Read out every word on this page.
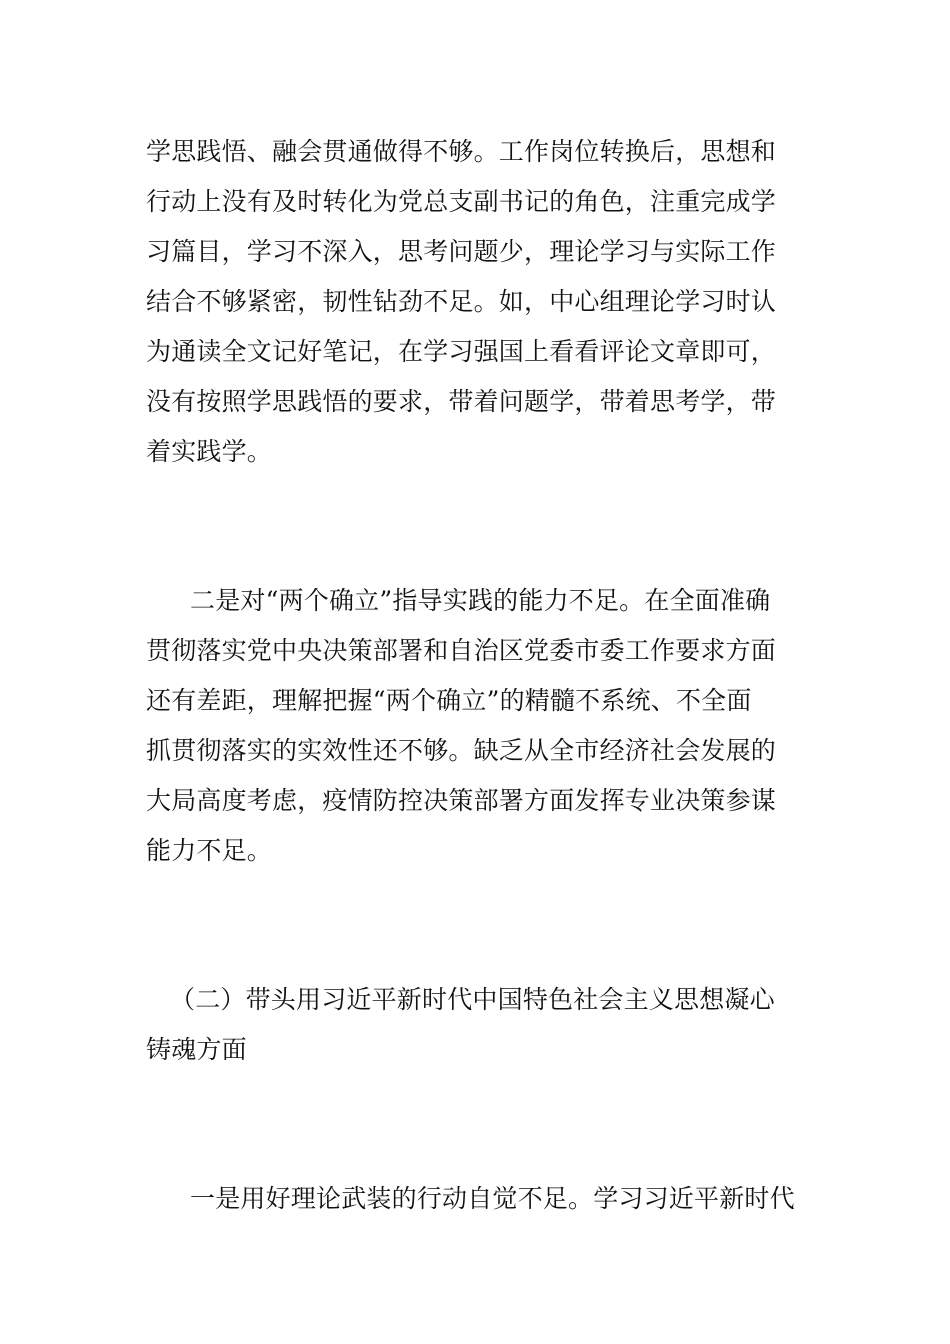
学思践悟、融会贯通做得不够。工作岗位转换后，思想和
行动上没有及时转化为党总支副书记的角色，注重完成学
习篇目，学习不深入，思考问题少，理论学习与实际工作
结合不够紧密，韧性钻劲不足。如，中心组理论学习时认
为通读全文记好笔记，在学习强国上看看评论文章即可，
没有按照学思践悟的要求，带着问题学，带着思考学，带
着实践学。
二是对“两个确立”指导实践的能力不足。在全面准确
贯彻落实党中央决策部署和自治区党委市委工作要求方面
还有差距，理解把握“两个确立”的精髓不系统、不全面
抓贯彻落实的实效性还不够。缺乏从全市经济社会发展的
大局高度考虑，疫情防控决策部署方面发挥专业决策参谋
能力不足。
（二）带头用习近平新时代中国特色社会主义思想凝心
铸魂方面
一是用好理论武装的行动自觉不足。学习习近平新时代
